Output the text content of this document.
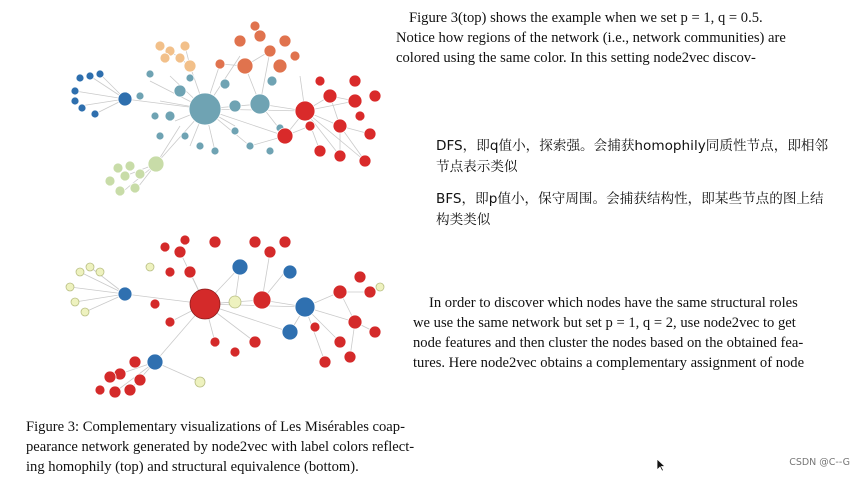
Figure 3(top) shows the example when we set p = 1, q = 0.5.
Notice how regions of the network (i.e., network communities) are
colored using the same color. In this setting node2vec discov-
DFS，即q值小，探索强。会捕获homophily同质性节点，即相邻
节点表示类似
BFS，即p值小，保守周围。会捕获结构性，即某些节点的图上结
构类类似
In order to discover which nodes have the same structural roles
we use the same network but set p = 1, q = 2, use node2vec to get
node features and then cluster the nodes based on the obtained fea-
tures. Here node2vec obtains a complementary assignment of node
Figure 3: Complementary visualizations of Les Misérables coap-
pearance network generated by node2vec with label colors reflect-
ing homophily (top) and structural equivalence (bottom).	CSDN @C--G
